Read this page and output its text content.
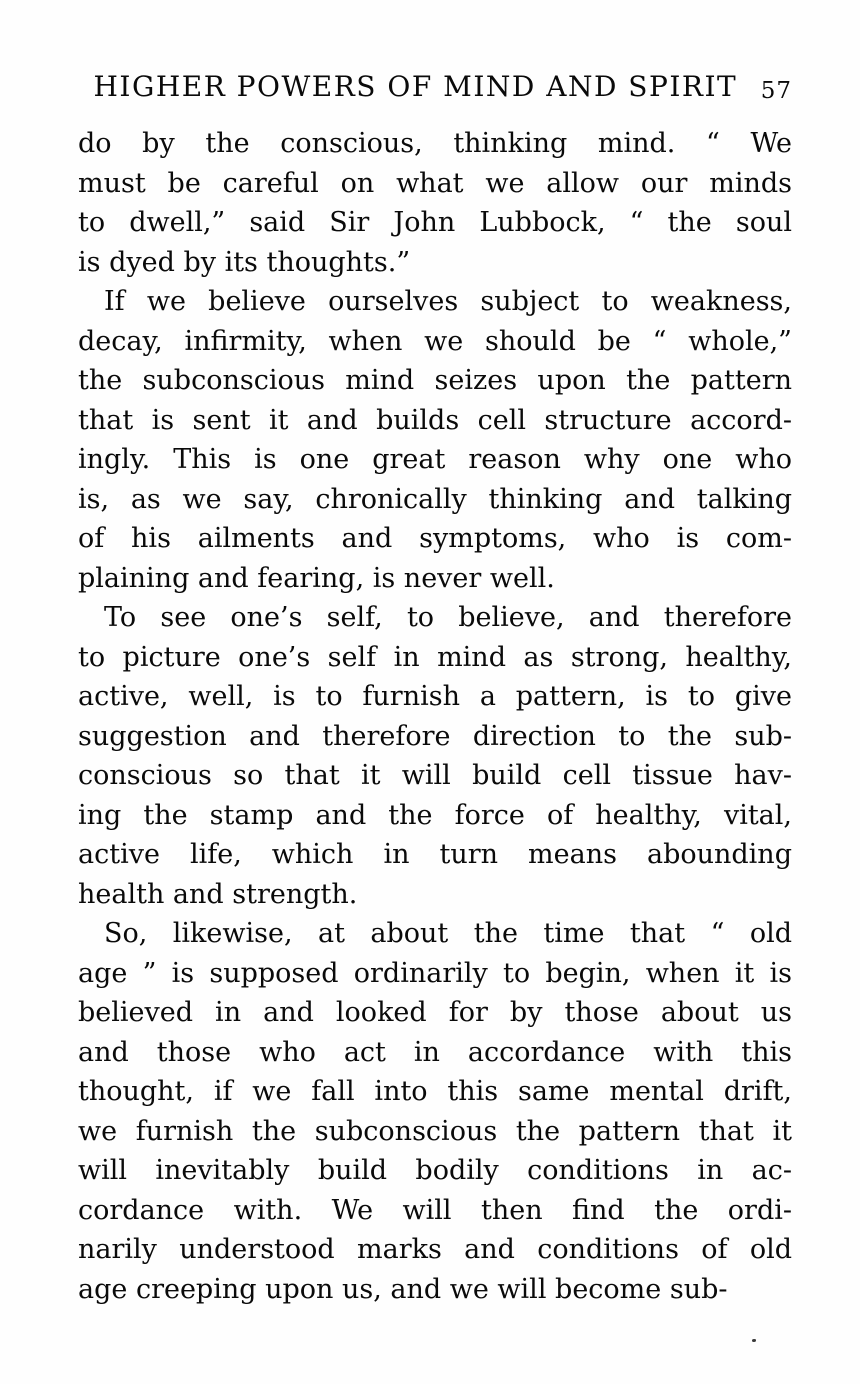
HIGHER POWERS OF MIND AND SPIRIT	57
do by the conscious, thinking mind. “ We
must be careful on what we allow our minds
to dwell,” said Sir John Lubbock, “ the soul
is dyed by its thoughts.”
If we believe ourselves subject to weakness,
decay, infirmity, when we should be “ whole,”
the subconscious mind seizes upon the pattern
that is sent it and builds cell structure accord-
ingly. This is one great reason why one who
is, as we say, chronically thinking and talking
of his ailments and symptoms, who is com-
plaining and fearing, is never well.
To see one’s self, to believe, and therefore
to picture one’s self in mind as strong, healthy,
active, well, is to furnish a pattern, is to give
suggestion and therefore direction to the sub-
conscious so that it will build cell tissue hav-
ing the stamp and the force of healthy, vital,
active life, which in turn means abounding
health and strength.
So, likewise, at about the time that “ old
age ” is supposed ordinarily to begin, when it is
believed in and looked for by those about us
and those who act in accordance with this
thought, if we fall into this same mental drift,
we furnish the subconscious the pattern that it
will inevitably build bodily conditions in ac-
cordance with. We will then find the ordi-
narily understood marks and conditions of old
age creeping upon us, and we will become sub-
